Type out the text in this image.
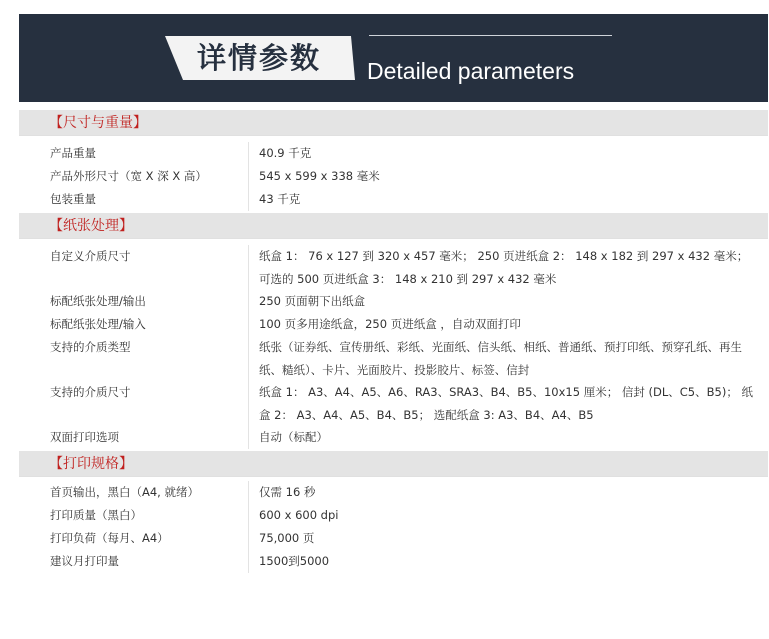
详情参数 Detailed parameters
【尺寸与重量】
产品重量	40.9 千克
产品外形尺寸（宽 X 深 X 高）	545 x 599 x 338 毫米
包装重量	43 千克
【纸张处理】
自定义介质尺寸	纸盒 1： 76 x 127 到 320 x 457 毫米； 250 页进纸盒 2： 148 x 182 到 297 x 432 毫米； 可选的 500 页进纸盒 3： 148 x 210 到 297 x 432 毫米
标配纸张处理/输出	250 页面朝下出纸盒
标配纸张处理/输入	100 页多用途纸盒，250 页进纸盒 ，自动双面打印
支持的介质类型	纸张（证券纸、宣传册纸、彩纸、光面纸、信头纸、相纸、普通纸、预打印纸、预穿孔纸、再生纸、糙纸）、卡片、光面胶片、投影胶片、标签、信封
支持的介质尺寸	纸盒 1： A3、A4、A5、A6、RA3、SRA3、B4、B5、10x15 厘米； 信封 (DL、C5、B5)； 纸盒 2： A3、A4、A5、B4、B5； 选配纸盒 3: A3、B4、A4、B5
双面打印选项	自动（标配）
【打印规格】
首页输出，黑白（A4, 就绪）	仅需 16 秒
打印质量（黑白）	600 x 600 dpi
打印负荷（每月、A4）	75,000 页
建议月打印量	1500到5000
